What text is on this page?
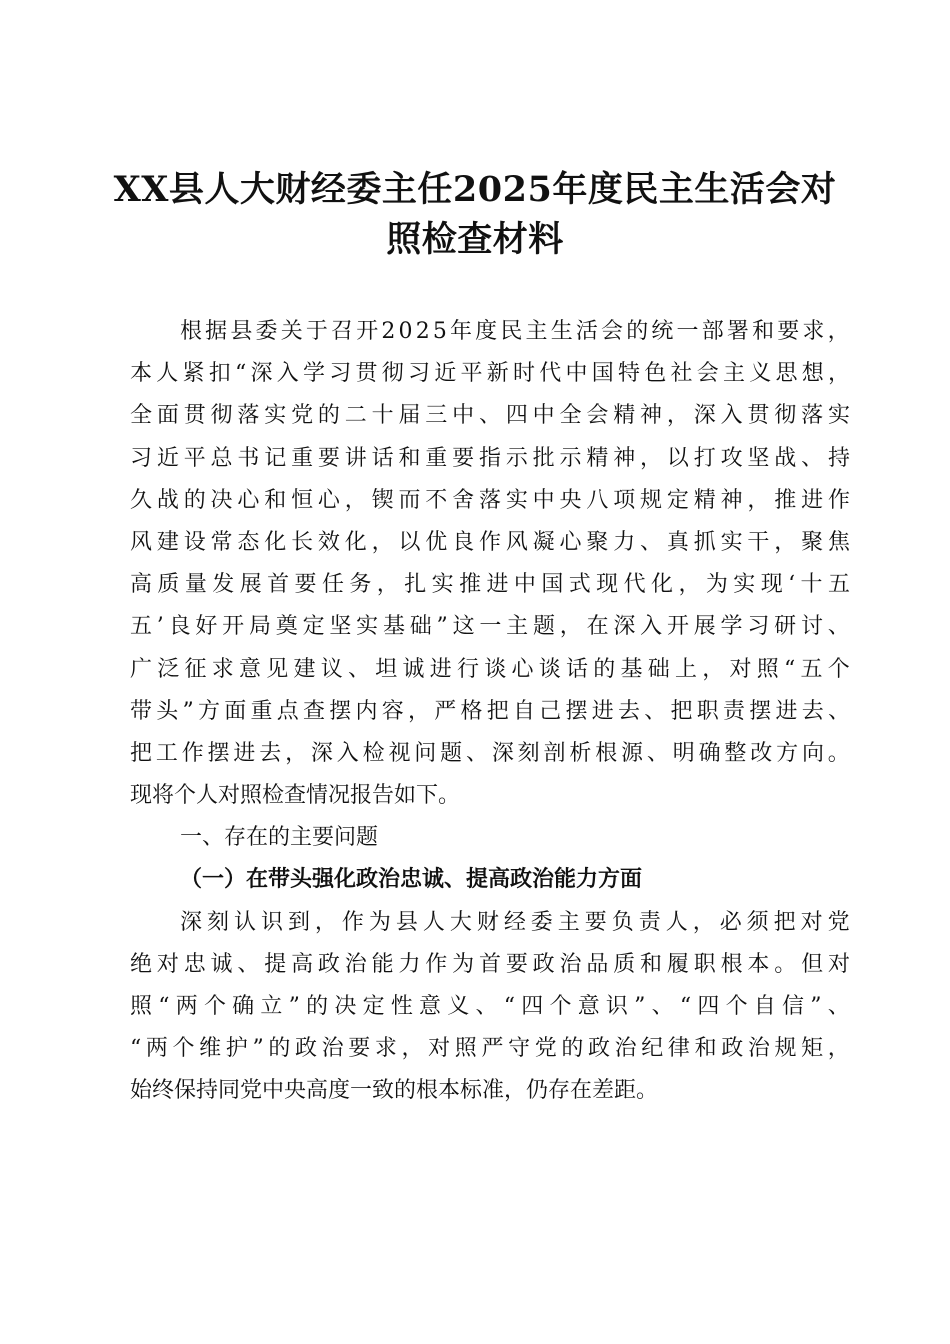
XX县人大财经委主任2025年度民主生活会对
照检查材料
根 据 县 委 关 于 召 开 2 0 2 5 年 度 民 主 生 活 会 的 统 一 部 署 和 要 求 ，
本 人 紧 扣 “ 深 入 学 习 贯 彻 习 近 平 新 时 代 中 国 特 色 社 会 主 义 思 想 ，
全 面 贯 彻 落 实 党 的 二 十 届 三 中 、 四 中 全 会 精 神 ， 深 入 贯 彻 落 实
习 近 平 总 书 记 重 要 讲 话 和 重 要 指 示 批 示 精 神 ， 以 打 攻 坚 战 、 持
久 战 的 决 心 和 恒 心 ， 锲 而 不 舍 落 实 中 央 八 项 规 定 精 神 ， 推 进 作
风 建 设 常 态 化 长 效 化 ， 以 优 良 作 风 凝 心 聚 力 、 真 抓 实 干 ， 聚 焦
高 质 量 发 展 首 要 任 务 ， 扎 实 推 进 中 国 式 现 代 化 ， 为 实 现 ‘ 十 五
五 ’ 良 好 开 局 奠 定 坚 实 基 础 ” 这 一 主 题 ， 在 深 入 开 展 学 习 研 讨 、
广 泛 征 求 意 见 建 议 、 坦 诚 进 行 谈 心 谈 话 的 基 础 上 ， 对 照 “ 五 个
带 头 ” 方 面 重 点 查 摆 内 容 ， 严 格 把 自 己 摆 进 去 、 把 职 责 摆 进 去 、
把 工 作 摆 进 去 ， 深 入 检 视 问 题 、 深 刻 剖 析 根 源 、 明 确 整 改 方 向 。
现将个人对照检查情况报告如下。
一、存在的主要问题
（一）在带头强化政治忠诚、提高政治能力方面
深 刻 认 识 到 ， 作 为 县 人 大 财 经 委 主 要 负 责 人 ， 必 须 把 对 党
绝 对 忠 诚 、 提 高 政 治 能 力 作 为 首 要 政 治 品 质 和 履 职 根 本 。 但 对
照 “ 两 个 确 立 ” 的 决 定 性 意 义 、 “ 四 个 意 识 ” 、 “ 四 个 自 信 ” 、
“ 两 个 维 护 ” 的 政 治 要 求 ， 对 照 严 守 党 的 政 治 纪 律 和 政 治 规 矩 ，
始终保持同党中央高度一致的根本标准，仍存在差距。
